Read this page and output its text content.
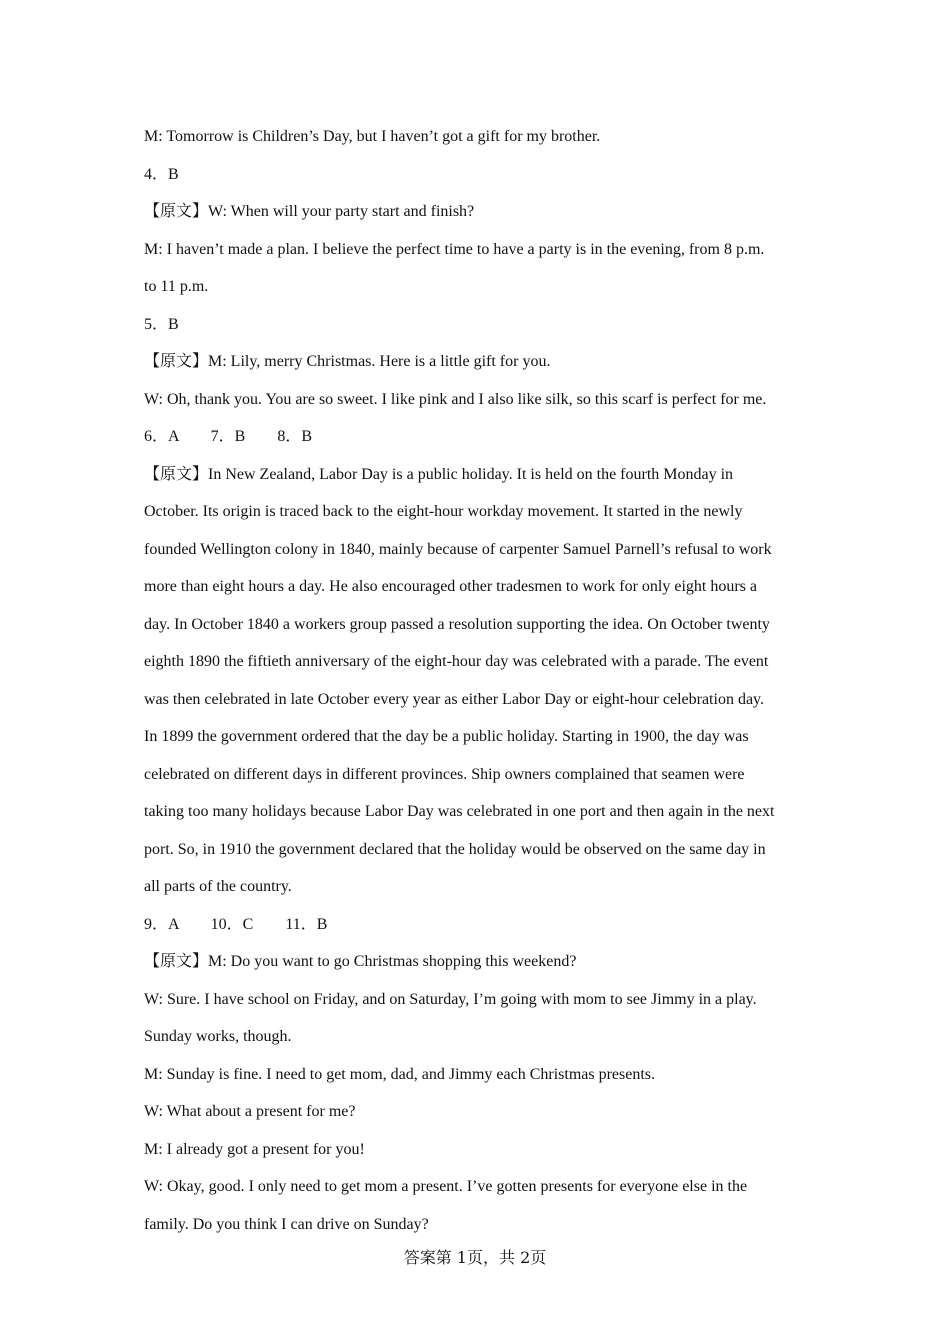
M: Tomorrow is Children’s Day, but I haven’t got a gift for my brother.
4．B
【原文】W: When will your party start and finish?
M: I haven’t made a plan. I believe the perfect time to have a party is in the evening, from 8 p.m.
to 11 p.m.
5．B
【原文】M: Lily, merry Christmas. Here is a little gift for you.
W: Oh, thank you. You are so sweet. I like pink and I also like silk, so this scarf is perfect for me.
6．A        7．B        8．B
【原文】In New Zealand, Labor Day is a public holiday. It is held on the fourth Monday in
October. Its origin is traced back to the eight-hour workday movement. It started in the newly
founded Wellington colony in 1840, mainly because of carpenter Samuel Parnell’s refusal to work
more than eight hours a day. He also encouraged other tradesmen to work for only eight hours a
day. In October 1840 a workers group passed a resolution supporting the idea. On October twenty
eighth 1890 the fiftieth anniversary of the eight-hour day was celebrated with a parade. The event
was then celebrated in late October every year as either Labor Day or eight-hour celebration day.
In 1899 the government ordered that the day be a public holiday. Starting in 1900, the day was
celebrated on different days in different provinces. Ship owners complained that seamen were
taking too many holidays because Labor Day was celebrated in one port and then again in the next
port. So, in 1910 the government declared that the holiday would be observed on the same day in
all parts of the country.
9．A        10．C        11．B
【原文】M: Do you want to go Christmas shopping this weekend?
W: Sure. I have school on Friday, and on Saturday, I’m going with mom to see Jimmy in a play.
Sunday works, though.
M: Sunday is fine. I need to get mom, dad, and Jimmy each Christmas presents.
W: What about a present for me?
M: I already got a present for you!
W: Okay, good. I only need to get mom a present. I’ve gotten presents for everyone else in the
family. Do you think I can drive on Sunday?
答案第 1页，共 2页
